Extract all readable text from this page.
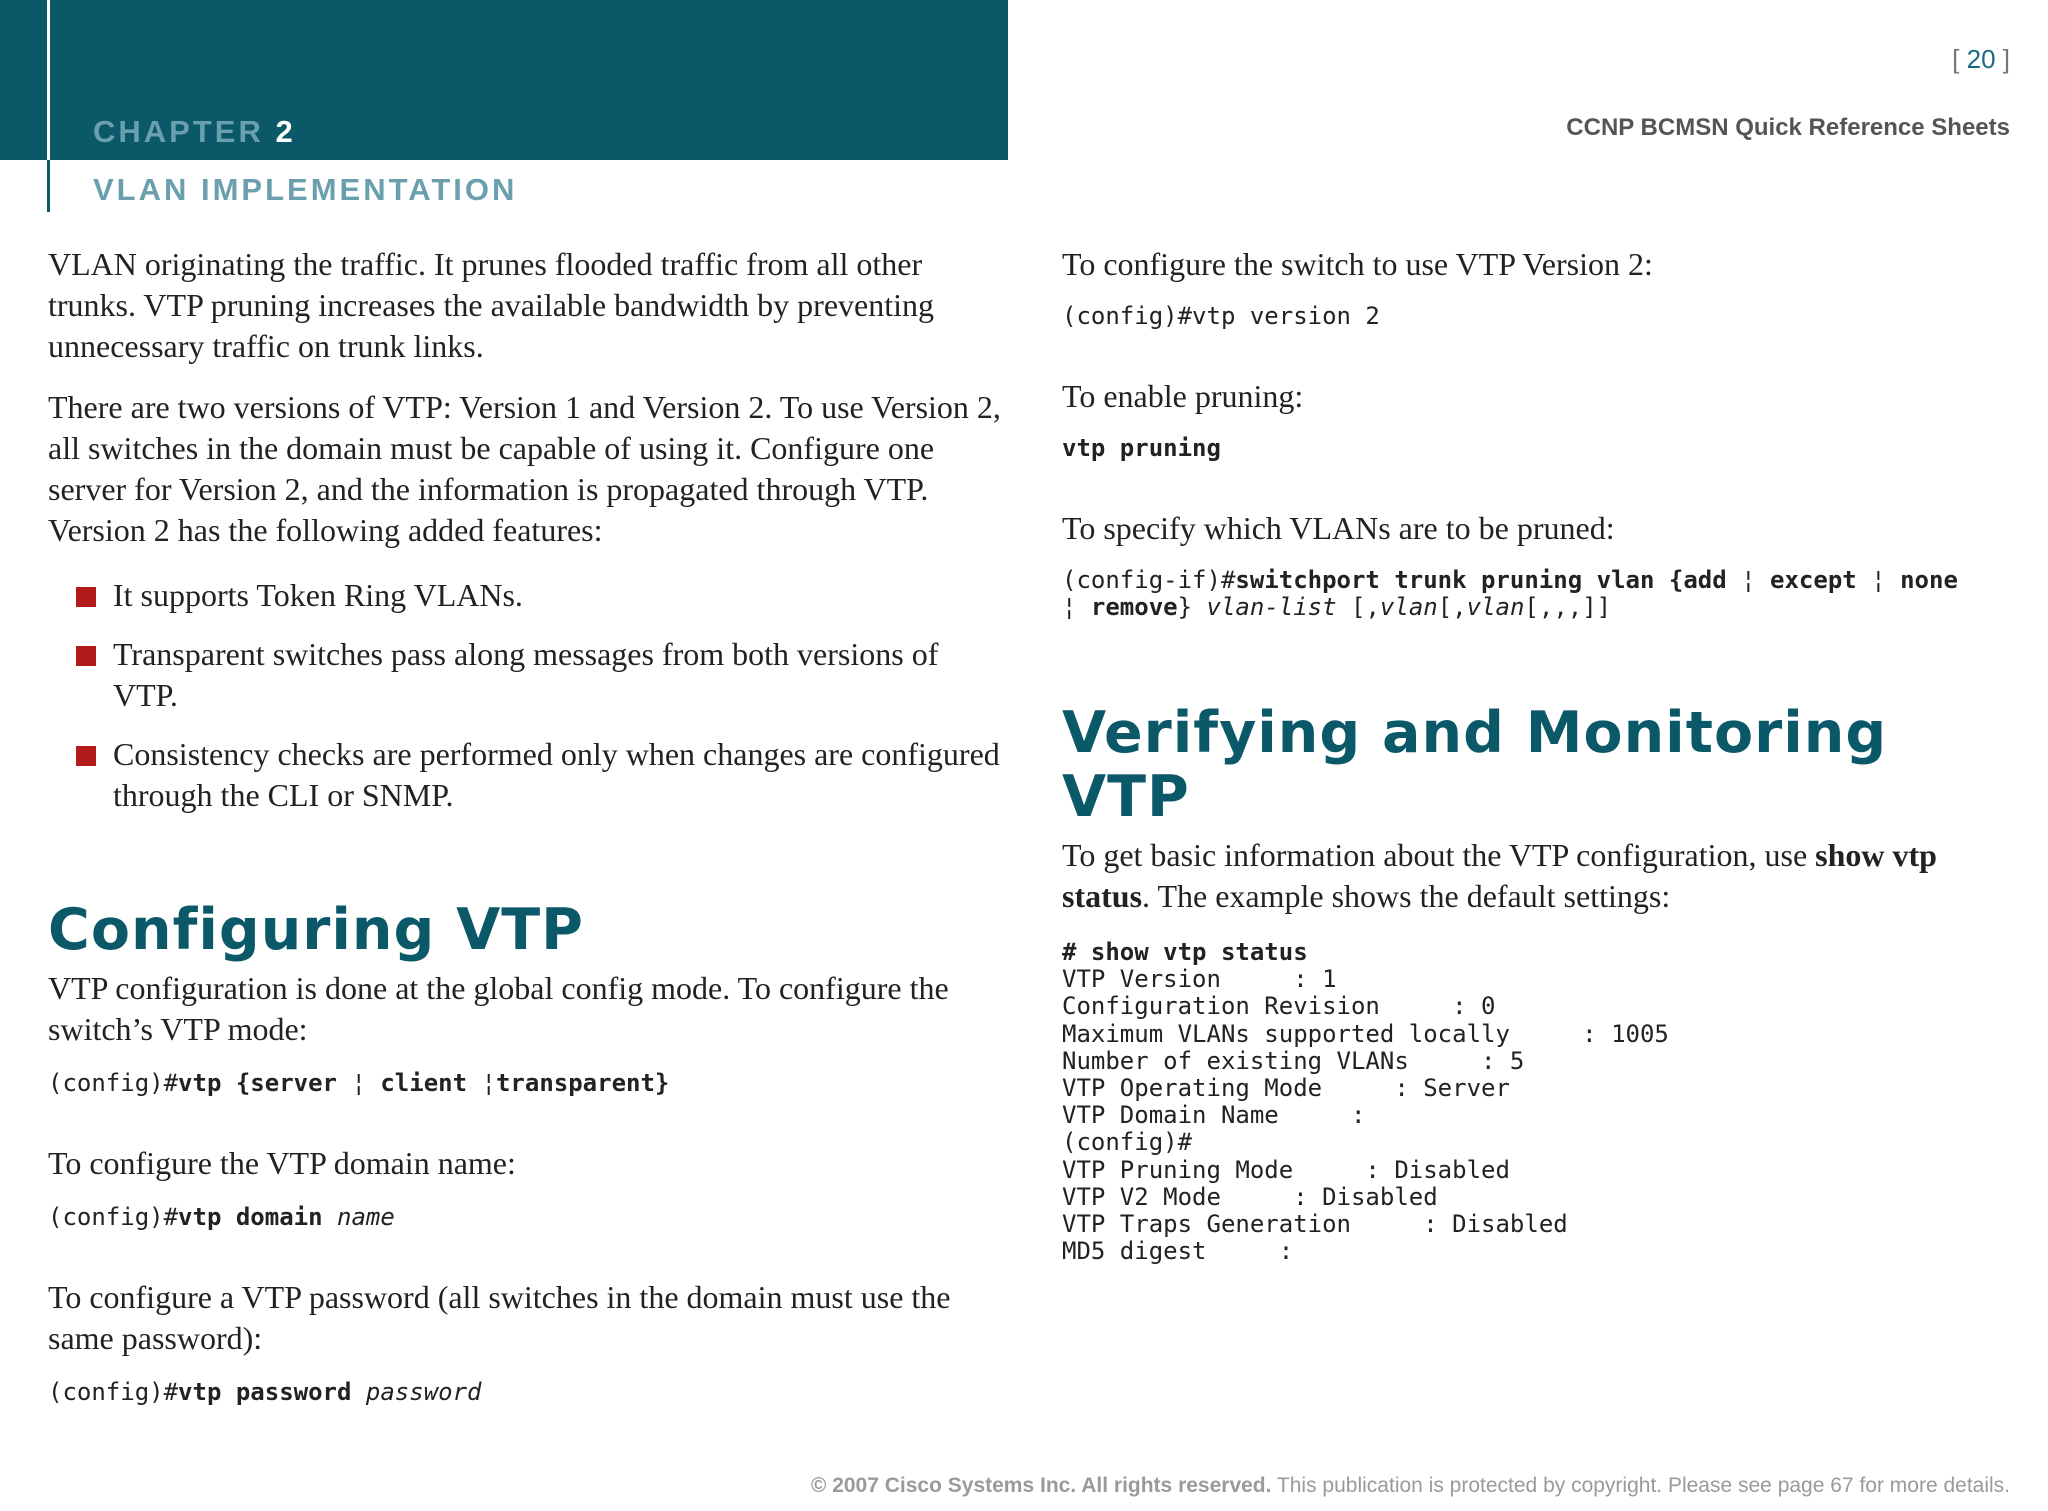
CHAPTER 2
VLAN IMPLEMENTATION
[ 20 ]
CCNP BCMSN Quick Reference Sheets

VLAN originating the traffic. It prunes flooded traffic from all other trunks. VTP pruning increases the available bandwidth by preventing unnecessary traffic on trunk links.

There are two versions of VTP: Version 1 and Version 2. To use Version 2, all switches in the domain must be capable of using it. Configure one server for Version 2, and the information is propagated through VTP. Version 2 has the following added features:

It supports Token Ring VLANs.
Transparent switches pass along messages from both versions of VTP.
Consistency checks are performed only when changes are configured through the CLI or SNMP.
Configuring VTP

VTP configuration is done at the global config mode. To configure the switch’s VTP mode:

(config)#vtp {server ¦ client ¦transparent}

To configure the VTP domain name:

(config)#vtp domain name

To configure a VTP password (all switches in the domain must use the same password):

(config)#vtp password password

To configure the switch to use VTP Version 2:

(config)#vtp version 2

To enable pruning:

vtp pruning

To specify which VLANs are to be pruned:

(config-if)#switchport trunk pruning vlan {add ¦ except ¦ none
¦ remove} vlan-list [,vlan[,vlan[,,,]]
Verifying and Monitoring VTP

To get basic information about the VTP configuration, use show vtp status. The example shows the default settings:

# show vtp status
VTP Version     : 1
Configuration Revision     : 0
Maximum VLANs supported locally     : 1005
Number of existing VLANs     : 5
VTP Operating Mode     : Server
VTP Domain Name     :
(config)#
VTP Pruning Mode     : Disabled
VTP V2 Mode     : Disabled
VTP Traps Generation     : Disabled
MD5 digest     :
© 2007 Cisco Systems Inc. All rights reserved. This publication is protected by copyright. Please see page 67 for more details.
